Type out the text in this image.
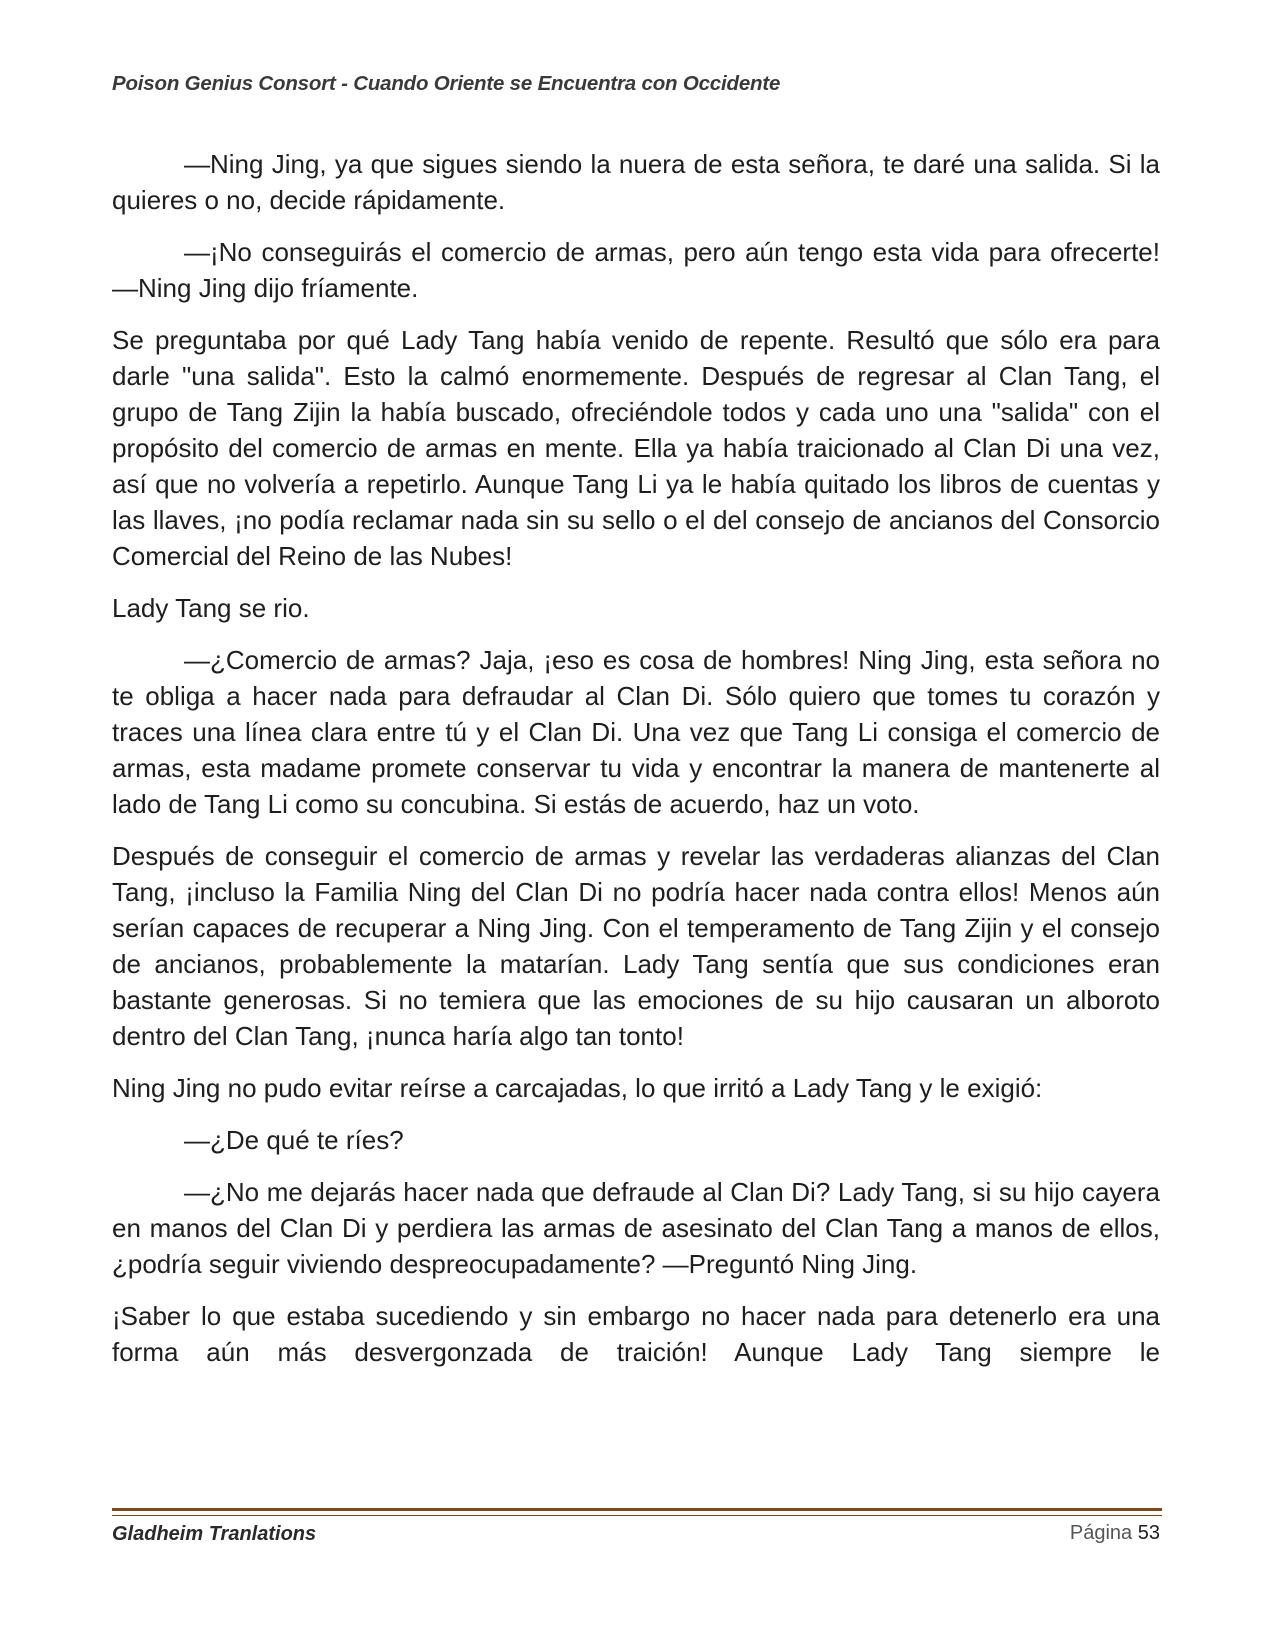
Poison Genius Consort - Cuando Oriente se Encuentra con Occidente

—Ning Jing, ya que sigues siendo la nuera de esta señora, te daré una salida. Si la quieres o no, decide rápidamente.

—¡No conseguirás el comercio de armas, pero aún tengo esta vida para ofrecerte! —Ning Jing dijo fríamente.

Se preguntaba por qué Lady Tang había venido de repente. Resultó que sólo era para darle "una salida". Esto la calmó enormemente. Después de regresar al Clan Tang, el grupo de Tang Zijin la había buscado, ofreciéndole todos y cada uno una "salida" con el propósito del comercio de armas en mente. Ella ya había traicionado al Clan Di una vez, así que no volvería a repetirlo. Aunque Tang Li ya le había quitado los libros de cuentas y las llaves, ¡no podía reclamar nada sin su sello o el del consejo de ancianos del Consorcio Comercial del Reino de las Nubes!

Lady Tang se rio.

—¿Comercio de armas? Jaja, ¡eso es cosa de hombres! Ning Jing, esta señora no te obliga a hacer nada para defraudar al Clan Di. Sólo quiero que tomes tu corazón y traces una línea clara entre tú y el Clan Di. Una vez que Tang Li consiga el comercio de armas, esta madame promete conservar tu vida y encontrar la manera de mantenerte al lado de Tang Li como su concubina. Si estás de acuerdo, haz un voto.

Después de conseguir el comercio de armas y revelar las verdaderas alianzas del Clan Tang, ¡incluso la Familia Ning del Clan Di no podría hacer nada contra ellos! Menos aún serían capaces de recuperar a Ning Jing. Con el temperamento de Tang Zijin y el consejo de ancianos, probablemente la matarían. Lady Tang sentía que sus condiciones eran bastante generosas. Si no temiera que las emociones de su hijo causaran un alboroto dentro del Clan Tang, ¡nunca haría algo tan tonto!

Ning Jing no pudo evitar reírse a carcajadas, lo que irritó a Lady Tang y le exigió:

—¿De qué te ríes?

—¿No me dejarás hacer nada que defraude al Clan Di? Lady Tang, si su hijo cayera en manos del Clan Di y perdiera las armas de asesinato del Clan Tang a manos de ellos, ¿podría seguir viviendo despreocupadamente? —Preguntó Ning Jing.

¡Saber lo que estaba sucediendo y sin embargo no hacer nada para detenerlo era una forma aún más desvergonzada de traición! Aunque Lady Tang siempre le

Gladheim Tranlations	Página 53
